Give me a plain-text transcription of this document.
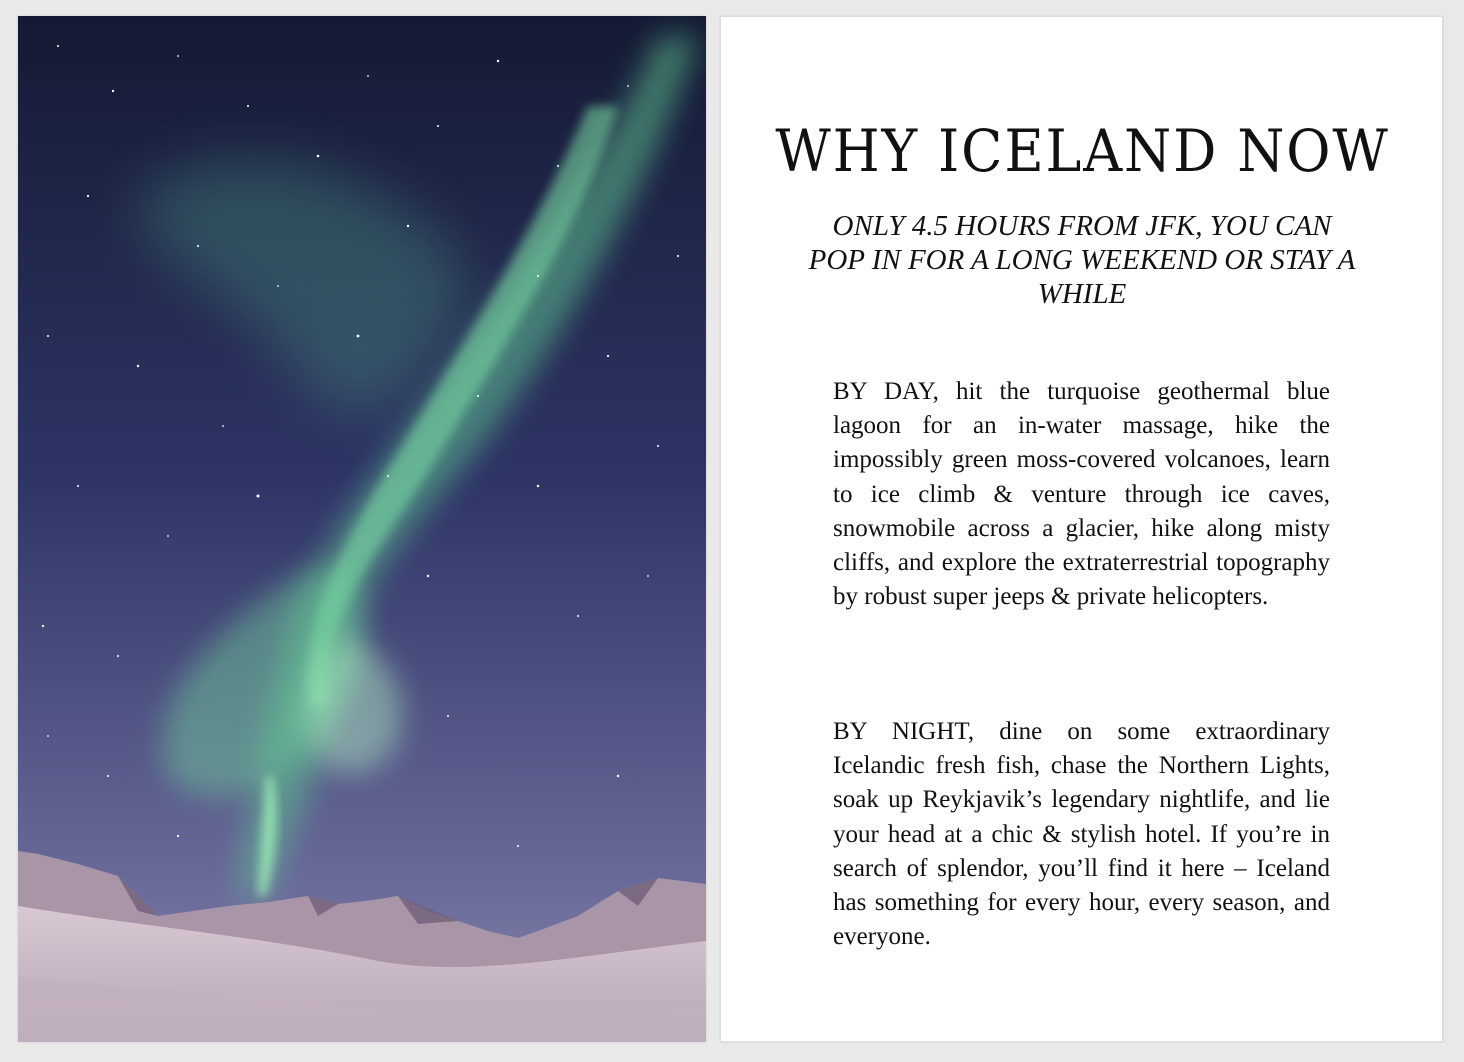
WHY ICELAND NOW

ONLY 4.5 HOURS FROM JFK, YOU CAN POP IN FOR A LONG WEEKEND OR STAY A WHILE

BY DAY, hit the turquoise geothermal blue lagoon for an in-water massage, hike the impossibly green moss-covered volcanoes, learn to ice climb & venture through ice caves, snowmobile across a glacier, hike along misty cliffs, and explore the extraterrestrial topography by robust super jeeps & private helicopters.

BY NIGHT, dine on some extraordinary Icelandic fresh fish, chase the Northern Lights, soak up Reykjavik’s legendary nightlife, and lie your head at a chic & stylish hotel. If you’re in search of splendor, you’ll find it here – Iceland has something for every hour, every season, and everyone.
